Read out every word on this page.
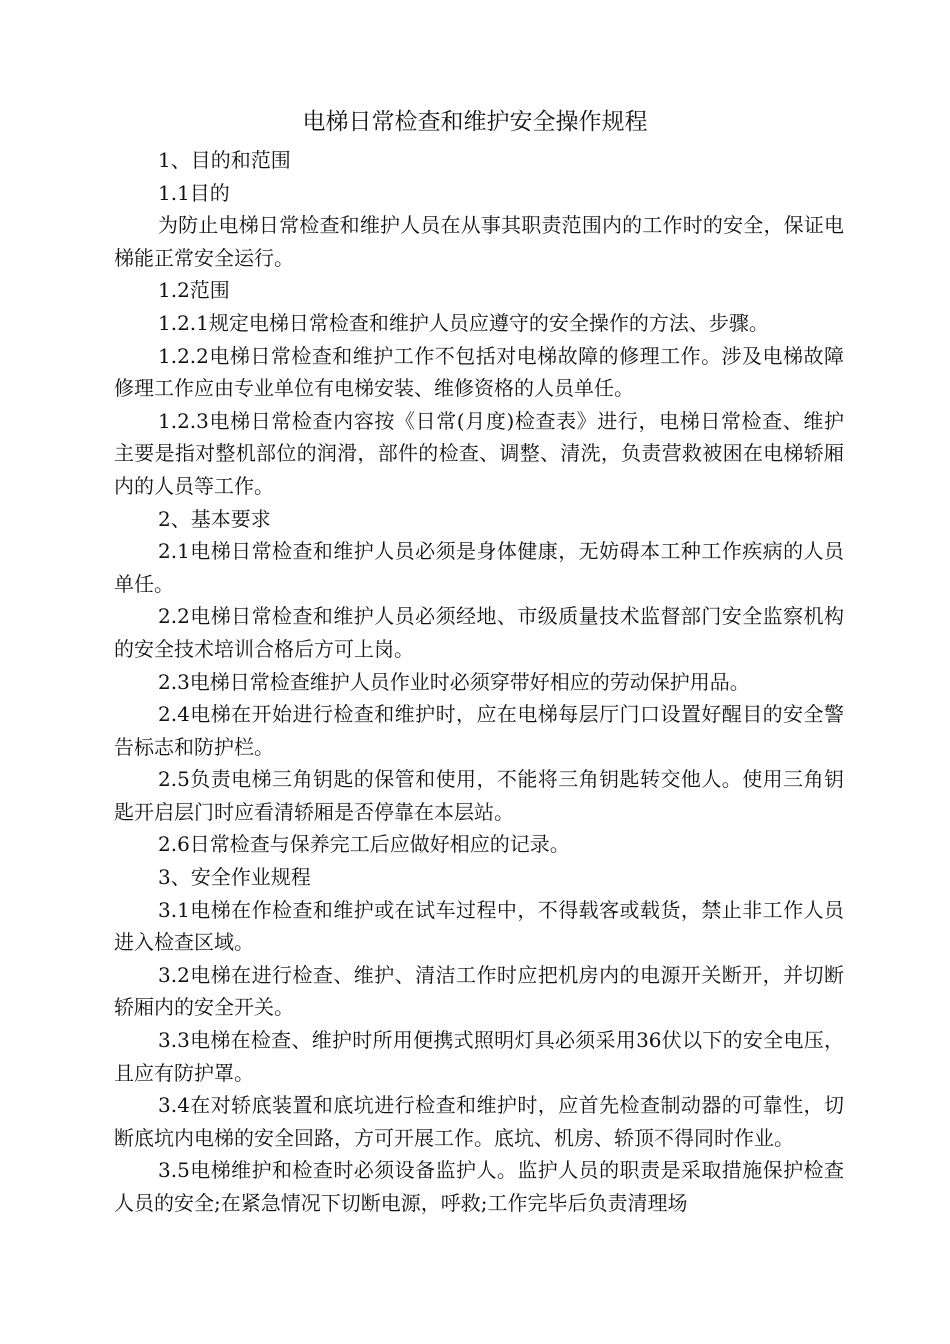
电梯日常检查和维护安全操作规程

1、目的和范围

1.1目的

为防止电梯日常检查和维护人员在从事其职责范围内的工作时的安全，保证电梯能正常安全运行。

1.2范围

1.2.1规定电梯日常检查和维护人员应遵守的安全操作的方法、步骤。

1.2.2电梯日常检查和维护工作不包括对电梯故障的修理工作。涉及电梯故障修理工作应由专业单位有电梯安装、维修资格的人员单任。

1.2.3电梯日常检查内容按《日常(月度)检查表》进行，电梯日常检查、维护主要是指对整机部位的润滑，部件的检查、调整、清洗，负责营救被困在电梯轿厢内的人员等工作。

2、基本要求

2.1电梯日常检查和维护人员必须是身体健康，无妨碍本工种工作疾病的人员单任。

2.2电梯日常检查和维护人员必须经地、市级质量技术监督部门安全监察机构的安全技术培训合格后方可上岗。

2.3电梯日常检查维护人员作业时必须穿带好相应的劳动保护用品。

2.4电梯在开始进行检查和维护时，应在电梯每层厅门口设置好醒目的安全警告标志和防护栏。

2.5负责电梯三角钥匙的保管和使用，不能将三角钥匙转交他人。使用三角钥匙开启层门时应看清轿厢是否停靠在本层站。

2.6日常检查与保养完工后应做好相应的记录。

3、安全作业规程

3.1电梯在作检查和维护或在试车过程中，不得载客或载货，禁止非工作人员进入检查区域。

3.2电梯在进行检查、维护、清洁工作时应把机房内的电源开关断开，并切断轿厢内的安全开关。

3.3电梯在检查、维护时所用便携式照明灯具必须采用36伏以下的安全电压，且应有防护罩。

3.4在对轿底装置和底坑进行检查和维护时，应首先检查制动器的可靠性，切断底坑内电梯的安全回路，方可开展工作。底坑、机房、轿顶不得同时作业。

3.5电梯维护和检查时必须设备监护人。监护人员的职责是采取措施保护检查人员的安全;在紧急情况下切断电源，呼救;工作完毕后负责清理场
